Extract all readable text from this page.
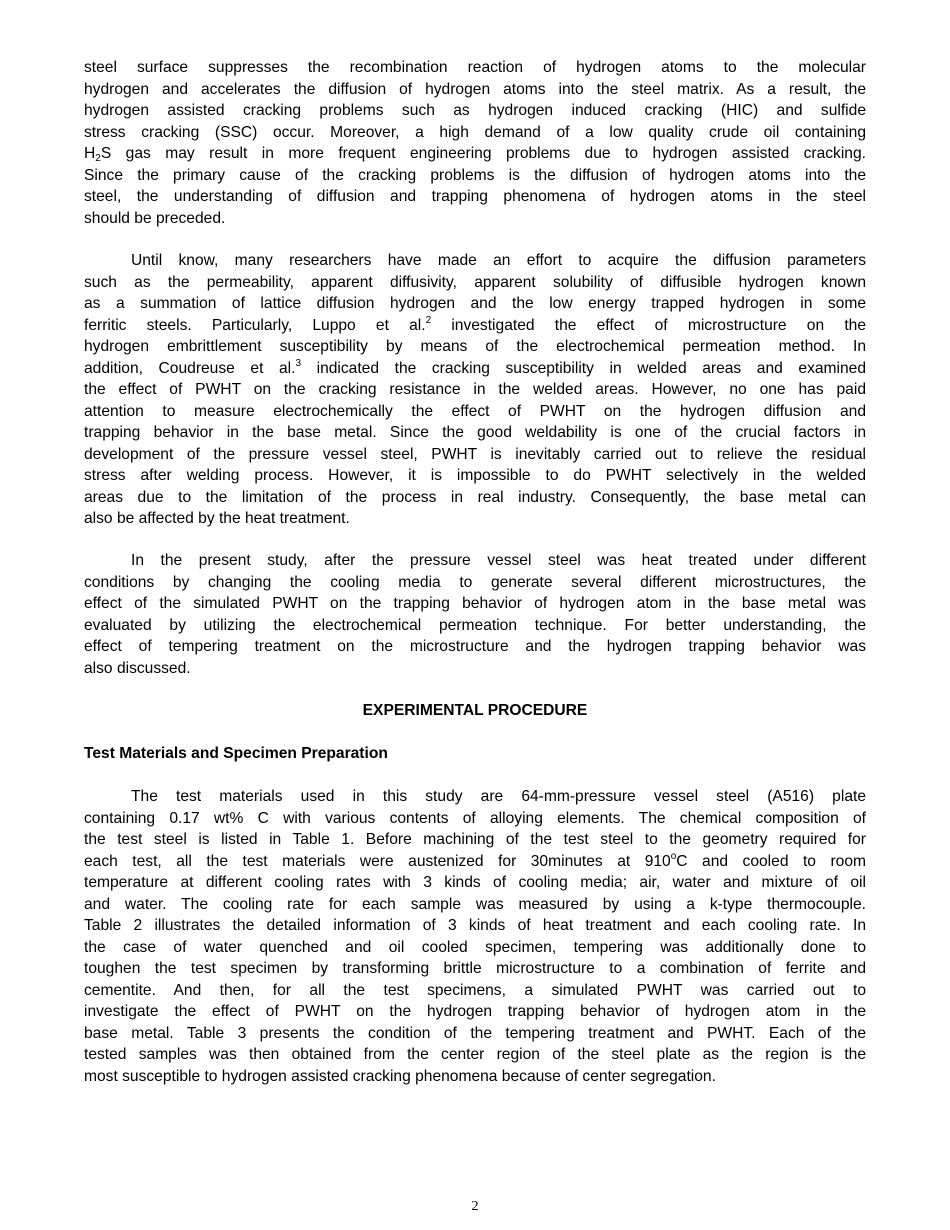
steel surface suppresses the recombination reaction of hydrogen atoms to the molecular
hydrogen and accelerates the diffusion of hydrogen atoms into the steel matrix. As a result, the
hydrogen assisted cracking problems such as hydrogen induced cracking (HIC) and sulfide
stress cracking (SSC) occur. Moreover, a high demand of a low quality crude oil containing
$H_2S$ gas may result in more frequent engineering problems due to hydrogen assisted cracking.
Since the primary cause of the cracking problems is the diffusion of hydrogen atoms into the
steel, the understanding of diffusion and trapping phenomena of hydrogen atoms in the steel
should be preceded.
Until know, many researchers have made an effort to acquire the diffusion parameters
such as the permeability, apparent diffusivity, apparent solubility of diffusible hydrogen known
as a summation of lattice diffusion hydrogen and the low energy trapped hydrogen in some
ferritic steels. Particularly, Luppo et al.$^2$ investigated the effect of microstructure on the
hydrogen embrittlement susceptibility by means of the electrochemical permeation method. In
addition, Coudreuse et al.$^3$ indicated the cracking susceptibility in welded areas and examined
the effect of PWHT on the cracking resistance in the welded areas. However, no one has paid
attention to measure electrochemically the effect of PWHT on the hydrogen diffusion and
trapping behavior in the base metal. Since the good weldability is one of the crucial factors in
development of the pressure vessel steel, PWHT is inevitably carried out to relieve the residual
stress after welding process. However, it is impossible to do PWHT selectively in the welded
areas due to the limitation of the process in real industry. Consequently, the base metal can
also be affected by the heat treatment.
In the present study, after the pressure vessel steel was heat treated under different
conditions by changing the cooling media to generate several different microstructures, the
effect of the simulated PWHT on the trapping behavior of hydrogen atom in the base metal was
evaluated by utilizing the electrochemical permeation technique. For better understanding, the
effect of tempering treatment on the microstructure and the hydrogen trapping behavior was
also discussed.
EXPERIMENTAL PROCEDURE
Test Materials and Specimen Preparation
The test materials used in this study are 64-mm-pressure vessel steel (A516) plate
containing 0.17 wt% C with various contents of alloying elements. The chemical composition of
the test steel is listed in Table 1. Before machining of the test steel to the geometry required for
each test, all the test materials were austenized for 30minutes at 910$^o$C and cooled to room
temperature at different cooling rates with 3 kinds of cooling media; air, water and mixture of oil
and water. The cooling rate for each sample was measured by using a k-type thermocouple.
Table 2 illustrates the detailed information of 3 kinds of heat treatment and each cooling rate. In
the case of water quenched and oil cooled specimen, tempering was additionally done to
toughen the test specimen by transforming brittle microstructure to a combination of ferrite and
cementite. And then, for all the test specimens, a simulated PWHT was carried out to
investigate the effect of PWHT on the hydrogen trapping behavior of hydrogen atom in the
base metal. Table 3 presents the condition of the tempering treatment and PWHT. Each of the
tested samples was then obtained from the center region of the steel plate as the region is the
most susceptible to hydrogen assisted cracking phenomena because of center segregation.
2
